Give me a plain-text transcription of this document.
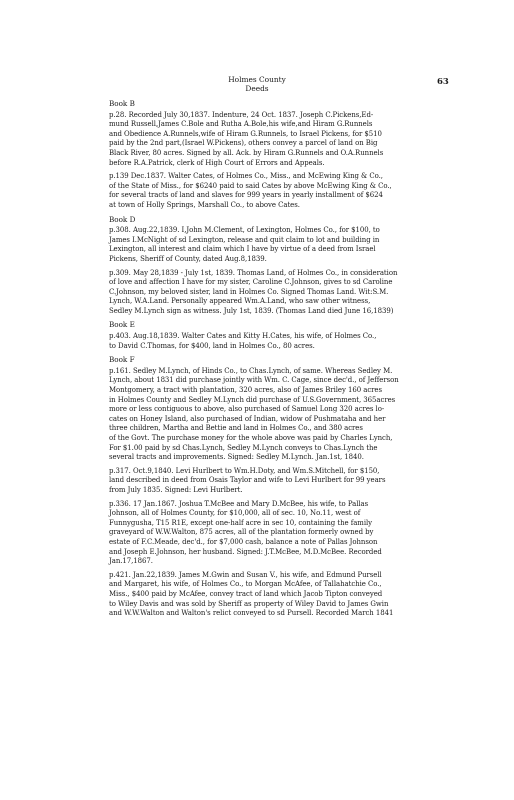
Holmes County
Deeds
63
Book B
p.28. Recorded July 30,1837. Indenture, 24 Oct. 1837. Joseph C.Pickens,Ed-
mund Russell,James C.Bole and Rutha A.Bole,his wife,and Hiram G.Runnels
and Obedience A.Runnels,wife of Hiram G.Runnels, to Israel Pickens, for $510
paid by the 2nd part,(Israel W.Pickens), others convey a parcel of land on Big
Black River, 80 acres. Signed by all. Ack. by Hiram G.Runnels and O.A.Runnels
before R.A.Patrick, clerk of High Court of Errors and Appeals.
p.139 Dec.1837. Walter Cates, of Holmes Co., Miss., and McEwing King & Co.,
of the State of Miss., for $6240 paid to said Cates by above McEwing King & Co.,
for several tracts of land and slaves for 999 years in yearly installment of $624
at town of Holly Springs, Marshall Co., to above Cates.
Book D
p.308. Aug.22,1839. I,John M.Clement, of Lexington, Holmes Co., for $100, to
James I.McNight of sd Lexington, release and quit claim to lot and building in
Lexington, all interest and claim which I have by virtue of a deed from Israel
Pickens, Sheriff of County, dated Aug.8,1839.
p.309. May 28,1839 - July 1st, 1839. Thomas Land, of Holmes Co., in consideration
of love and affection I have for my sister, Caroline C.Johnson, gives to sd Caroline
C.Johnson, my beloved sister, land in Holmes Co. Signed Thomas Land. Wit:S.M.
Lynch, W.A.Land. Personally appeared Wm.A.Land, who saw other witness,
Sedley M.Lynch sign as witness. July 1st, 1839. (Thomas Land died June 16,1839)
Book E
p.403. Aug.18,1839. Walter Cates and Kitty H.Cates, his wife, of Holmes Co.,
to David C.Thomas, for $400, land in Holmes Co., 80 acres.
Book F
p.161. Sedley M.Lynch, of Hinds Co., to Chas.Lynch, of same. Whereas Sedley M.
Lynch, about 1831 did purchase jointly with Wm. C. Cage, since dec'd., of Jefferson
Montgomery, a tract with plantation, 320 acres, also of James Briley 160 acres
in Holmes County and Sedley M.Lynch did purchase of U.S.Government, 365acres
more or less contiguous to above, also purchased of Samuel Long 320 acres lo-
cates on Honey Island, also purchased of Indian, widow of Pushmataha and her
three children, Martha and Bettie and land in Holmes Co., and 380 acres
of the Govt. The purchase money for the whole above was paid by Charles Lynch,
For $1.00 paid by sd Chas.Lynch, Sedley M.Lynch conveys to Chas.Lynch the
several tracts and improvements. Signed: Sedley M.Lynch. Jan.1st, 1840.
p.317. Oct.9,1840. Levi Hurlbert to Wm.H.Doty, and Wm.S.Mitchell, for $150,
land described in deed from Osais Taylor and wife to Levi Hurlbert for 99 years
from July 1835. Signed: Levi Hurlbert.
p.336. 17 Jan.1867. Joshua T.McBee and Mary D.McBee, his wife, to Pallas
Johnson, all of Holmes County, for $10,000, all of sec. 10, No.11, west of
Funnygusha, T15 R1E, except one-half acre in sec 10, containing the family
graveyard of W.W.Walton, 875 acres, all of the plantation formerly owned by
estate of F.C.Meade, dec'd., for $7,000 cash, balance a note of Pallas Johnson
and Joseph E.Johnson, her husband. Signed: J.T.McBee, M.D.McBee. Recorded
Jan.17,1867.
p.421. Jan.22,1839. James M.Gwin and Susan V., his wife, and Edmund Pursell
and Margaret, his wife, of Holmes Co., to Morgan McAfee, of Tallahatchie Co.,
Miss., $400 paid by McAfee, convey tract of land which Jacob Tipton conveyed
to Wiley Davis and was sold by Sheriff as property of Wiley David to James Gwin
and W.W.Walton and Walton's relict conveyed to sd Pursell. Recorded March 1841
